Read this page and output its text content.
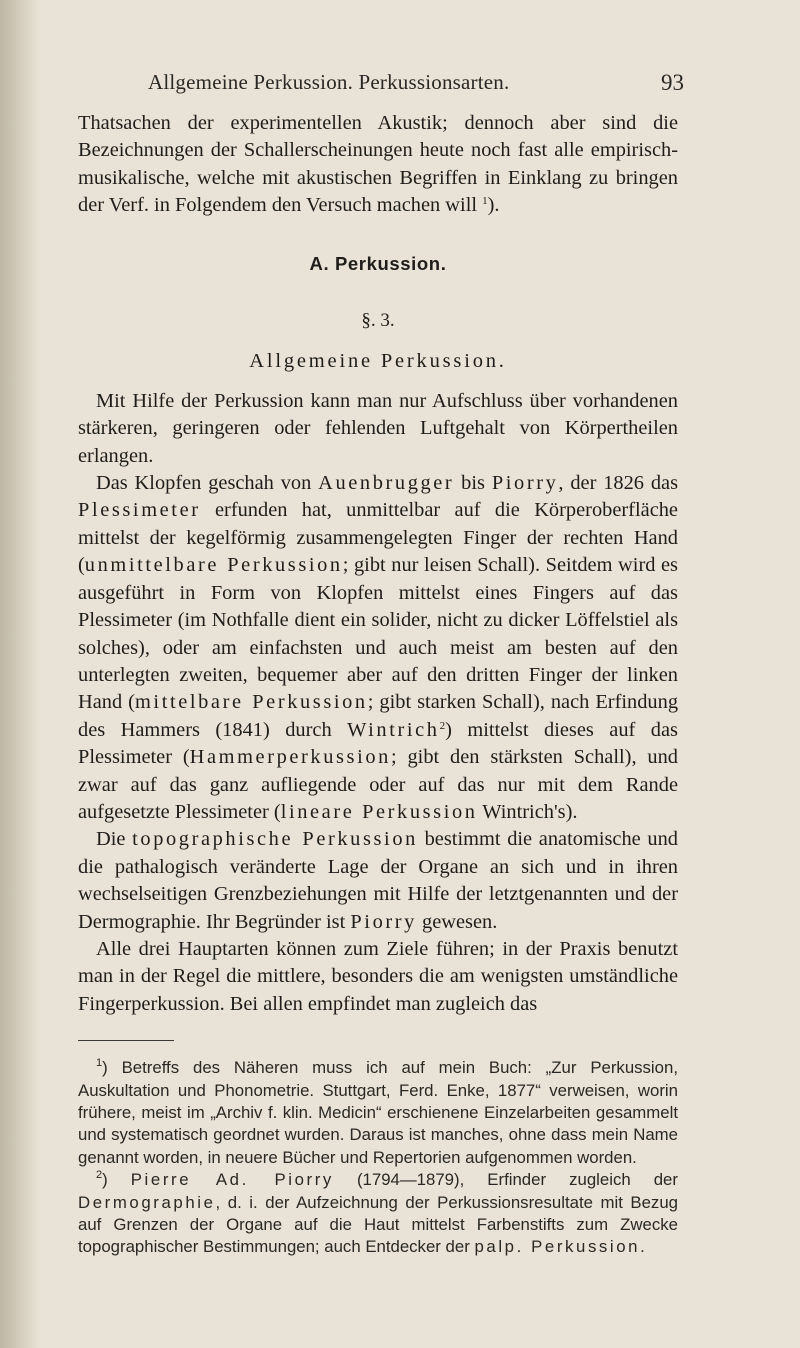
Allgemeine Perkussion. Perkussionsarten.	93

Thatsachen der experimentellen Akustik; dennoch aber sind die Bezeichnungen der Schallerscheinungen heute noch fast alle empirisch-musikalische, welche mit akustischen Begriffen in Einklang zu bringen der Verf. in Folgendem den Versuch machen will $^1$).

A. Perkussion.
§. 3.
Allgemeine Perkussion.

Mit Hilfe der Perkussion kann man nur Aufschluss über vorhandenen stärkeren, geringeren oder fehlenden Luftgehalt von Körpertheilen erlangen.

Das Klopfen geschah von Auenbrugger bis Piorry, der 1826 das Plessimeter erfunden hat, unmittelbar auf die Körperoberfläche mittelst der kegelförmig zusammengelegten Finger der rechten Hand (unmittelbare Perkussion; gibt nur leisen Schall). Seitdem wird es ausgeführt in Form von Klopfen mittelst eines Fingers auf das Plessimeter (im Nothfalle dient ein solider, nicht zu dicker Löffelstiel als solches), oder am einfachsten und auch meist am besten auf den unterlegten zweiten, bequemer aber auf den dritten Finger der linken Hand (mittelbare Perkussion; gibt starken Schall), nach Erfindung des Hammers (1841) durch Wintrich$^2$) mittelst dieses auf das Plessimeter (Hammerperkussion; gibt den stärksten Schall), und zwar auf das ganz aufliegende oder auf das nur mit dem Rande aufgesetzte Plessimeter (lineare Perkussion Wintrich's).

Die topographische Perkussion bestimmt die anatomische und die pathalogisch veränderte Lage der Organe an sich und in ihren wechselseitigen Grenzbeziehungen mit Hilfe der letztgenannten und der Dermographie. Ihr Begründer ist Piorry gewesen.

Alle drei Hauptarten können zum Ziele führen; in der Praxis benutzt man in der Regel die mittlere, besonders die am wenigsten umständliche Fingerperkussion. Bei allen empfindet man zugleich das

$^1$) Betreffs des Näheren muss ich auf mein Buch: „Zur Perkussion, Auskultation und Phonometrie. Stuttgart, Ferd. Enke, 1877“ verweisen, worin frühere, meist im „Archiv f. klin. Medicin“ erschienene Einzelarbeiten gesammelt und systematisch geordnet wurden. Daraus ist manches, ohne dass mein Name genannt worden, in neuere Bücher und Repertorien aufgenommen worden.

$^2$) Pierre Ad. Piorry (1794—1879), Erfinder zugleich der Dermographie, d. i. der Aufzeichnung der Perkussionsresultate mit Bezug auf Grenzen der Organe auf die Haut mittelst Farbenstifts zum Zwecke topographischer Bestimmungen; auch Entdecker der palp. Perkussion.
